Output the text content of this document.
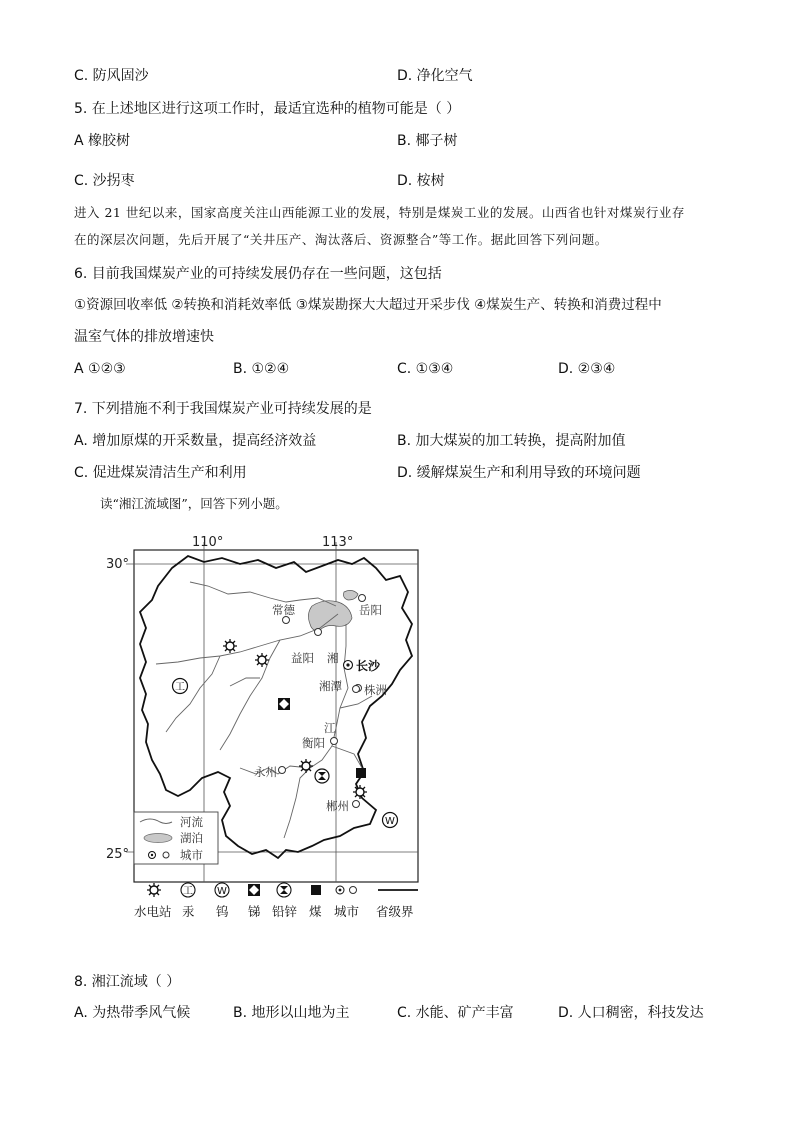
C. 防风固沙	D. 净化空气
5. 在上述地区进行这项工作时，最适宜选种的植物可能是（ ）
A 橡胶树	B. 椰子树
C. 沙拐枣	D. 桉树
进入 21 世纪以来，国家高度关注山西能源工业的发展，特别是煤炭工业的发展。山西省也针对煤炭行业存
在的深层次问题，先后开展了“关井压产、淘汰落后、资源整合”等工作。据此回答下列问题。
6. 目前我国煤炭产业的可持续发展仍存在一些问题，这包括
①资源回收率低 ②转换和消耗效率低 ③煤炭勘探大大超过开采步伐 ④煤炭生产、转换和消费过程中
温室气体的排放增速快
A ①②③	B. ①②④	C. ①③④	D. ②③④
7. 下列措施不利于我国煤炭产业可持续发展的是
A. 增加原煤的开采数量，提高经济效益	B. 加大煤炭的加工转换，提高附加值
C. 促进煤炭清洁生产和利用	D. 缓解煤炭生产和利用导致的环境问题
读“湘江流域图”，回答下列小题。
110°	113°
30°
25°
工
W
常德	岳阳
益阳 湘
长沙
湘潭 株洲
江
衡阳
永州
郴州
河流
湖泊
城市
工 W
水电站 汞 钨 锑 铅锌 煤 城市 省级界
8. 湘江流域（ ）
A. 为热带季风气候	B. 地形以山地为主	C. 水能、矿产丰富	D. 人口稠密，科技发达
